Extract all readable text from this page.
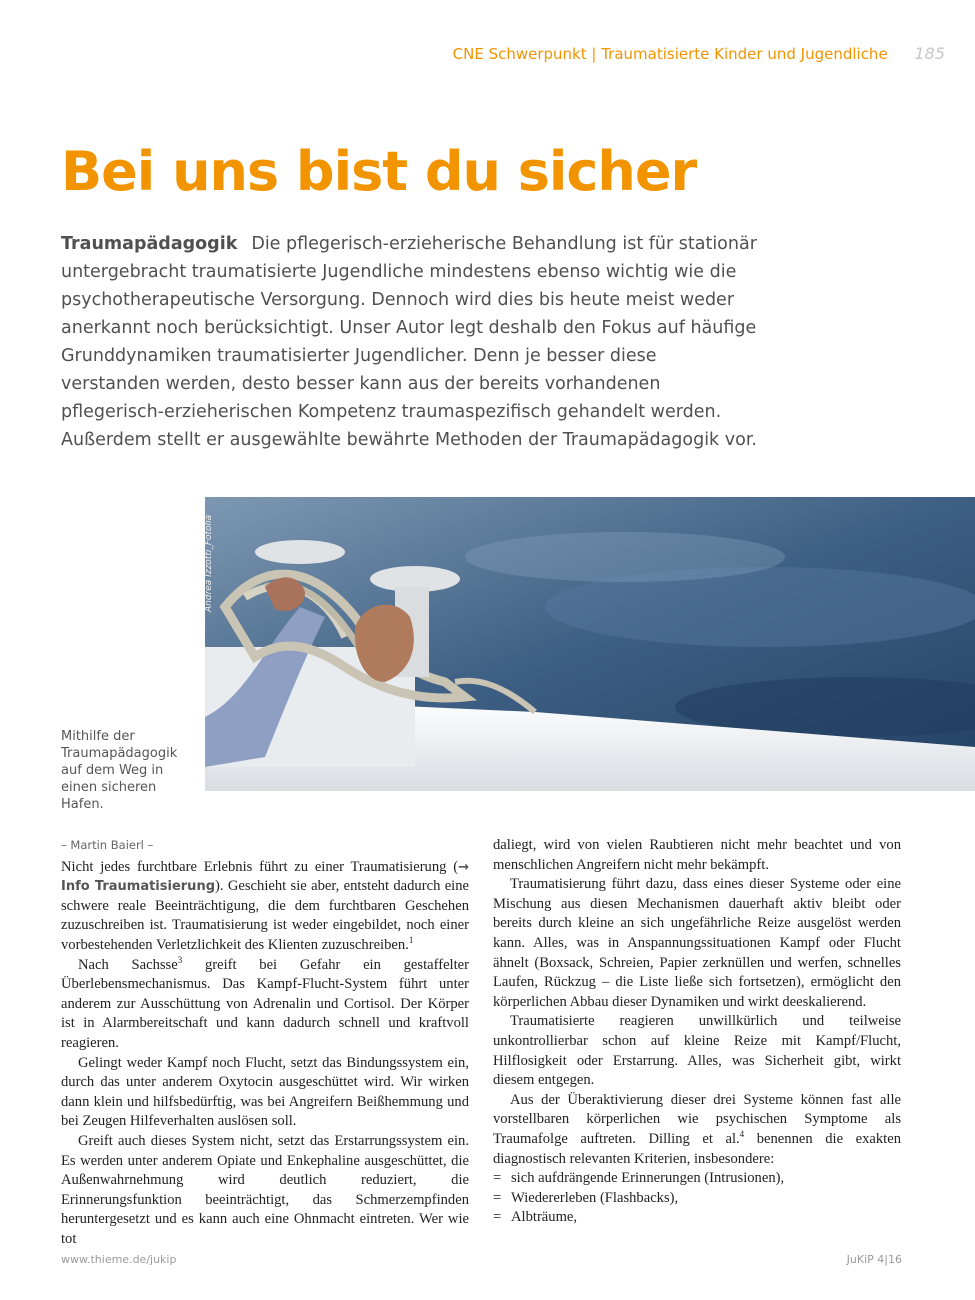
CNE Schwerpunkt | Traumatisierte Kinder und Jugendliche 185
Bei uns bist du sicher
Traumapädagogik Die pflegerisch-erzieherische Behandlung ist für stationär untergebracht traumatisierte Jugendliche mindestens ebenso wichtig wie die psychotherapeutische Versorgung. Dennoch wird dies bis heute meist weder anerkannt noch berücksichtigt. Unser Autor legt deshalb den Fokus auf häufige Grunddynamiken traumatisierter Jugendlicher. Denn je besser diese verstanden werden, desto besser kann aus der bereits vorhandenen pflegerisch-erzieherischen Kompetenz traumaspezifisch gehandelt werden. Außerdem stellt er ausgewählte bewährte Methoden der Traumapädagogik vor.
Andrea Izzotti_Fotolia
Mithilfe der Traumapädagogik auf dem Weg in einen sicheren Hafen.
– Martin Baierl –

Nicht jedes furchtbare Erlebnis führt zu einer Traumatisierung (→ Info Traumatisierung). Geschieht sie aber, entsteht dadurch eine schwere reale Beeinträchtigung, die dem furchtbaren Geschehen zuzuschreiben ist. Traumatisierung ist weder eingebildet, noch einer vorbestehenden Verletzlichkeit des Klienten zuzuschreiben.$^1$

Nach Sachsse$^3$ greift bei Gefahr ein gestaffelter Überlebensmechanismus. Das Kampf-Flucht-System führt unter anderem zur Ausschüttung von Adrenalin und Cortisol. Der Körper ist in Alarmbereitschaft und kann dadurch schnell und kraftvoll reagieren.

Gelingt weder Kampf noch Flucht, setzt das Bindungssystem ein, durch das unter anderem Oxytocin ausgeschüttet wird. Wir wirken dann klein und hilfsbedürftig, was bei Angreifern Beißhemmung und bei Zeugen Hilfeverhalten auslösen soll.

Greift auch dieses System nicht, setzt das Erstarrungssystem ein. Es werden unter anderem Opiate und Enkephaline ausgeschüttet, die Außenwahrnehmung wird deutlich reduziert, die Erinnerungsfunktion beeinträchtigt, das Schmerzempfinden heruntergesetzt und es kann auch eine Ohnmacht eintreten. Wer wie tot

daliegt, wird von vielen Raubtieren nicht mehr beachtet und von menschlichen Angreifern nicht mehr bekämpft.

Traumatisierung führt dazu, dass eines dieser Systeme oder eine Mischung aus diesen Mechanismen dauerhaft aktiv bleibt oder bereits durch kleine an sich ungefährliche Reize ausgelöst werden kann. Alles, was in Anspannungssituationen Kampf oder Flucht ähnelt (Boxsack, Schreien, Papier zerknüllen und werfen, schnelles Laufen, Rückzug – die Liste ließe sich fortsetzen), ermöglicht den körperlichen Abbau dieser Dynamiken und wirkt deeskalierend.

Traumatisierte reagieren unwillkürlich und teilweise unkontrollierbar schon auf kleine Reize mit Kampf/Flucht, Hilflosigkeit oder Erstarrung. Alles, was Sicherheit gibt, wirkt diesem entgegen.

Aus der Überaktivierung dieser drei Systeme können fast alle vorstellbaren körperlichen wie psychischen Symptome als Traumafolge auftreten. Dilling et al.$^4$ benennen die exakten diagnostisch relevanten Kriterien, insbesondere:

= sich aufdrängende Erinnerungen (Intrusionen),
= Wiedererleben (Flashbacks),
= Albträume,
www.thieme.de/jukip	JuKiP 4|16
